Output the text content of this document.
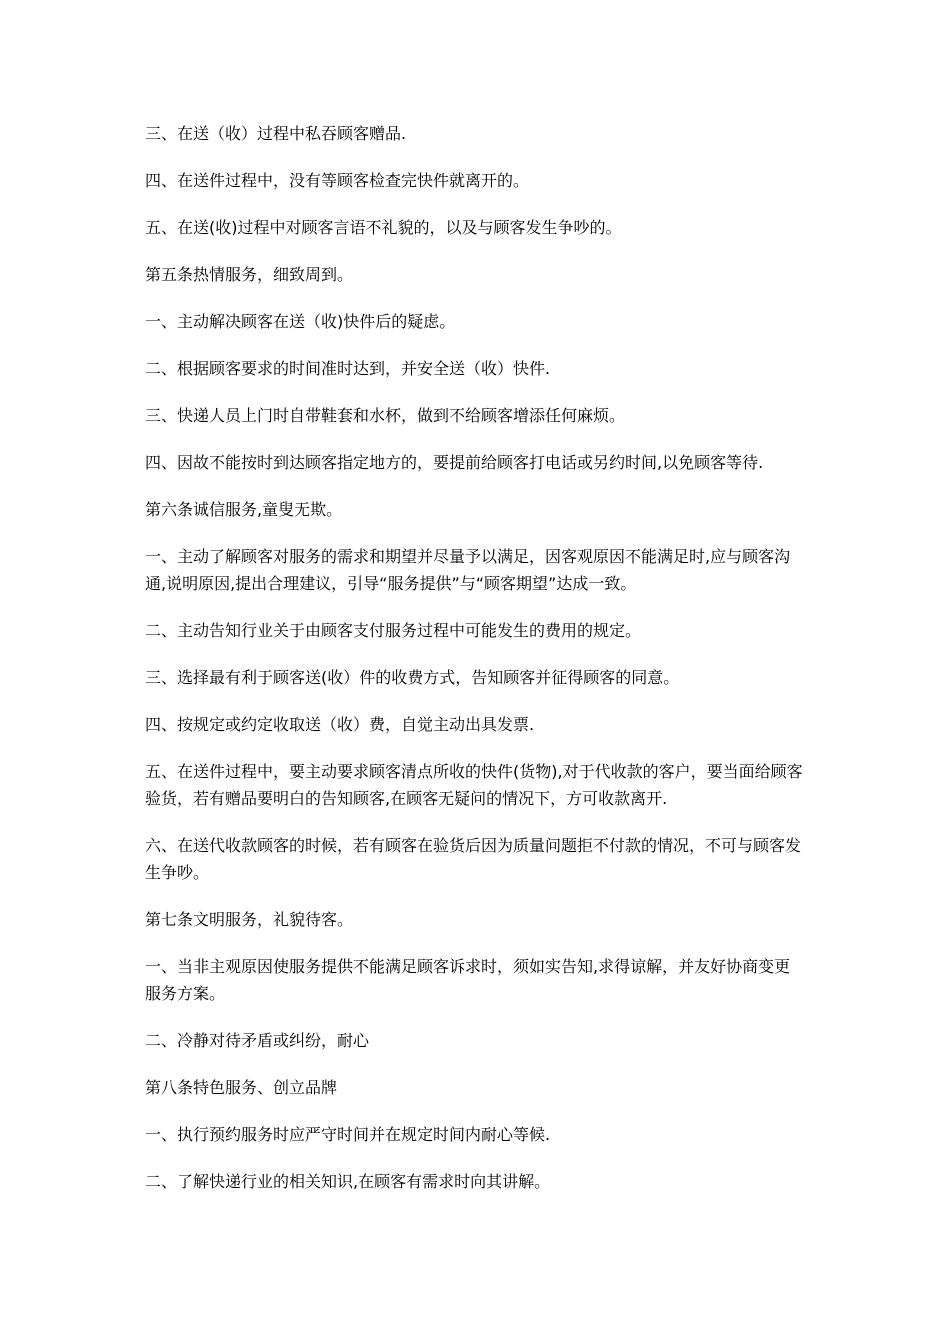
三、在送（收）过程中私吞顾客赠品.

四、在送件过程中，没有等顾客检查完快件就离开的。

五、在送(收)过程中对顾客言语不礼貌的，以及与顾客发生争吵的。

第五条热情服务，细致周到。

一、主动解决顾客在送（收)快件后的疑虑。

二、根据顾客要求的时间准时达到，并安全送（收）快件.

三、快递人员上门时自带鞋套和水杯，做到不给顾客增添任何麻烦。

四、因故不能按时到达顾客指定地方的，要提前给顾客打电话或另约时间,以免顾客等待.

第六条诚信服务,童叟无欺。

一、主动了解顾客对服务的需求和期望并尽量予以满足，因客观原因不能满足时,应与顾客沟通,说明原因,提出合理建议，引导“服务提供”与“顾客期望”达成一致。

二、主动告知行业关于由顾客支付服务过程中可能发生的费用的规定。

三、选择最有利于顾客送(收）件的收费方式，告知顾客并征得顾客的同意。

四、按规定或约定收取送（收）费，自觉主动出具发票.

五、在送件过程中，要主动要求顾客清点所收的快件(货物),对于代收款的客户，要当面给顾客验货，若有赠品要明白的告知顾客,在顾客无疑问的情况下，方可收款离开.

六、在送代收款顾客的时候，若有顾客在验货后因为质量问题拒不付款的情况，不可与顾客发生争吵。

第七条文明服务，礼貌待客。

一、当非主观原因使服务提供不能满足顾客诉求时，须如实告知,求得谅解，并友好协商变更服务方案。

二、冷静对待矛盾或纠纷，耐心

第八条特色服务、创立品牌

一、执行预约服务时应严守时间并在规定时间内耐心等候.

二、了解快递行业的相关知识,在顾客有需求时向其讲解。
